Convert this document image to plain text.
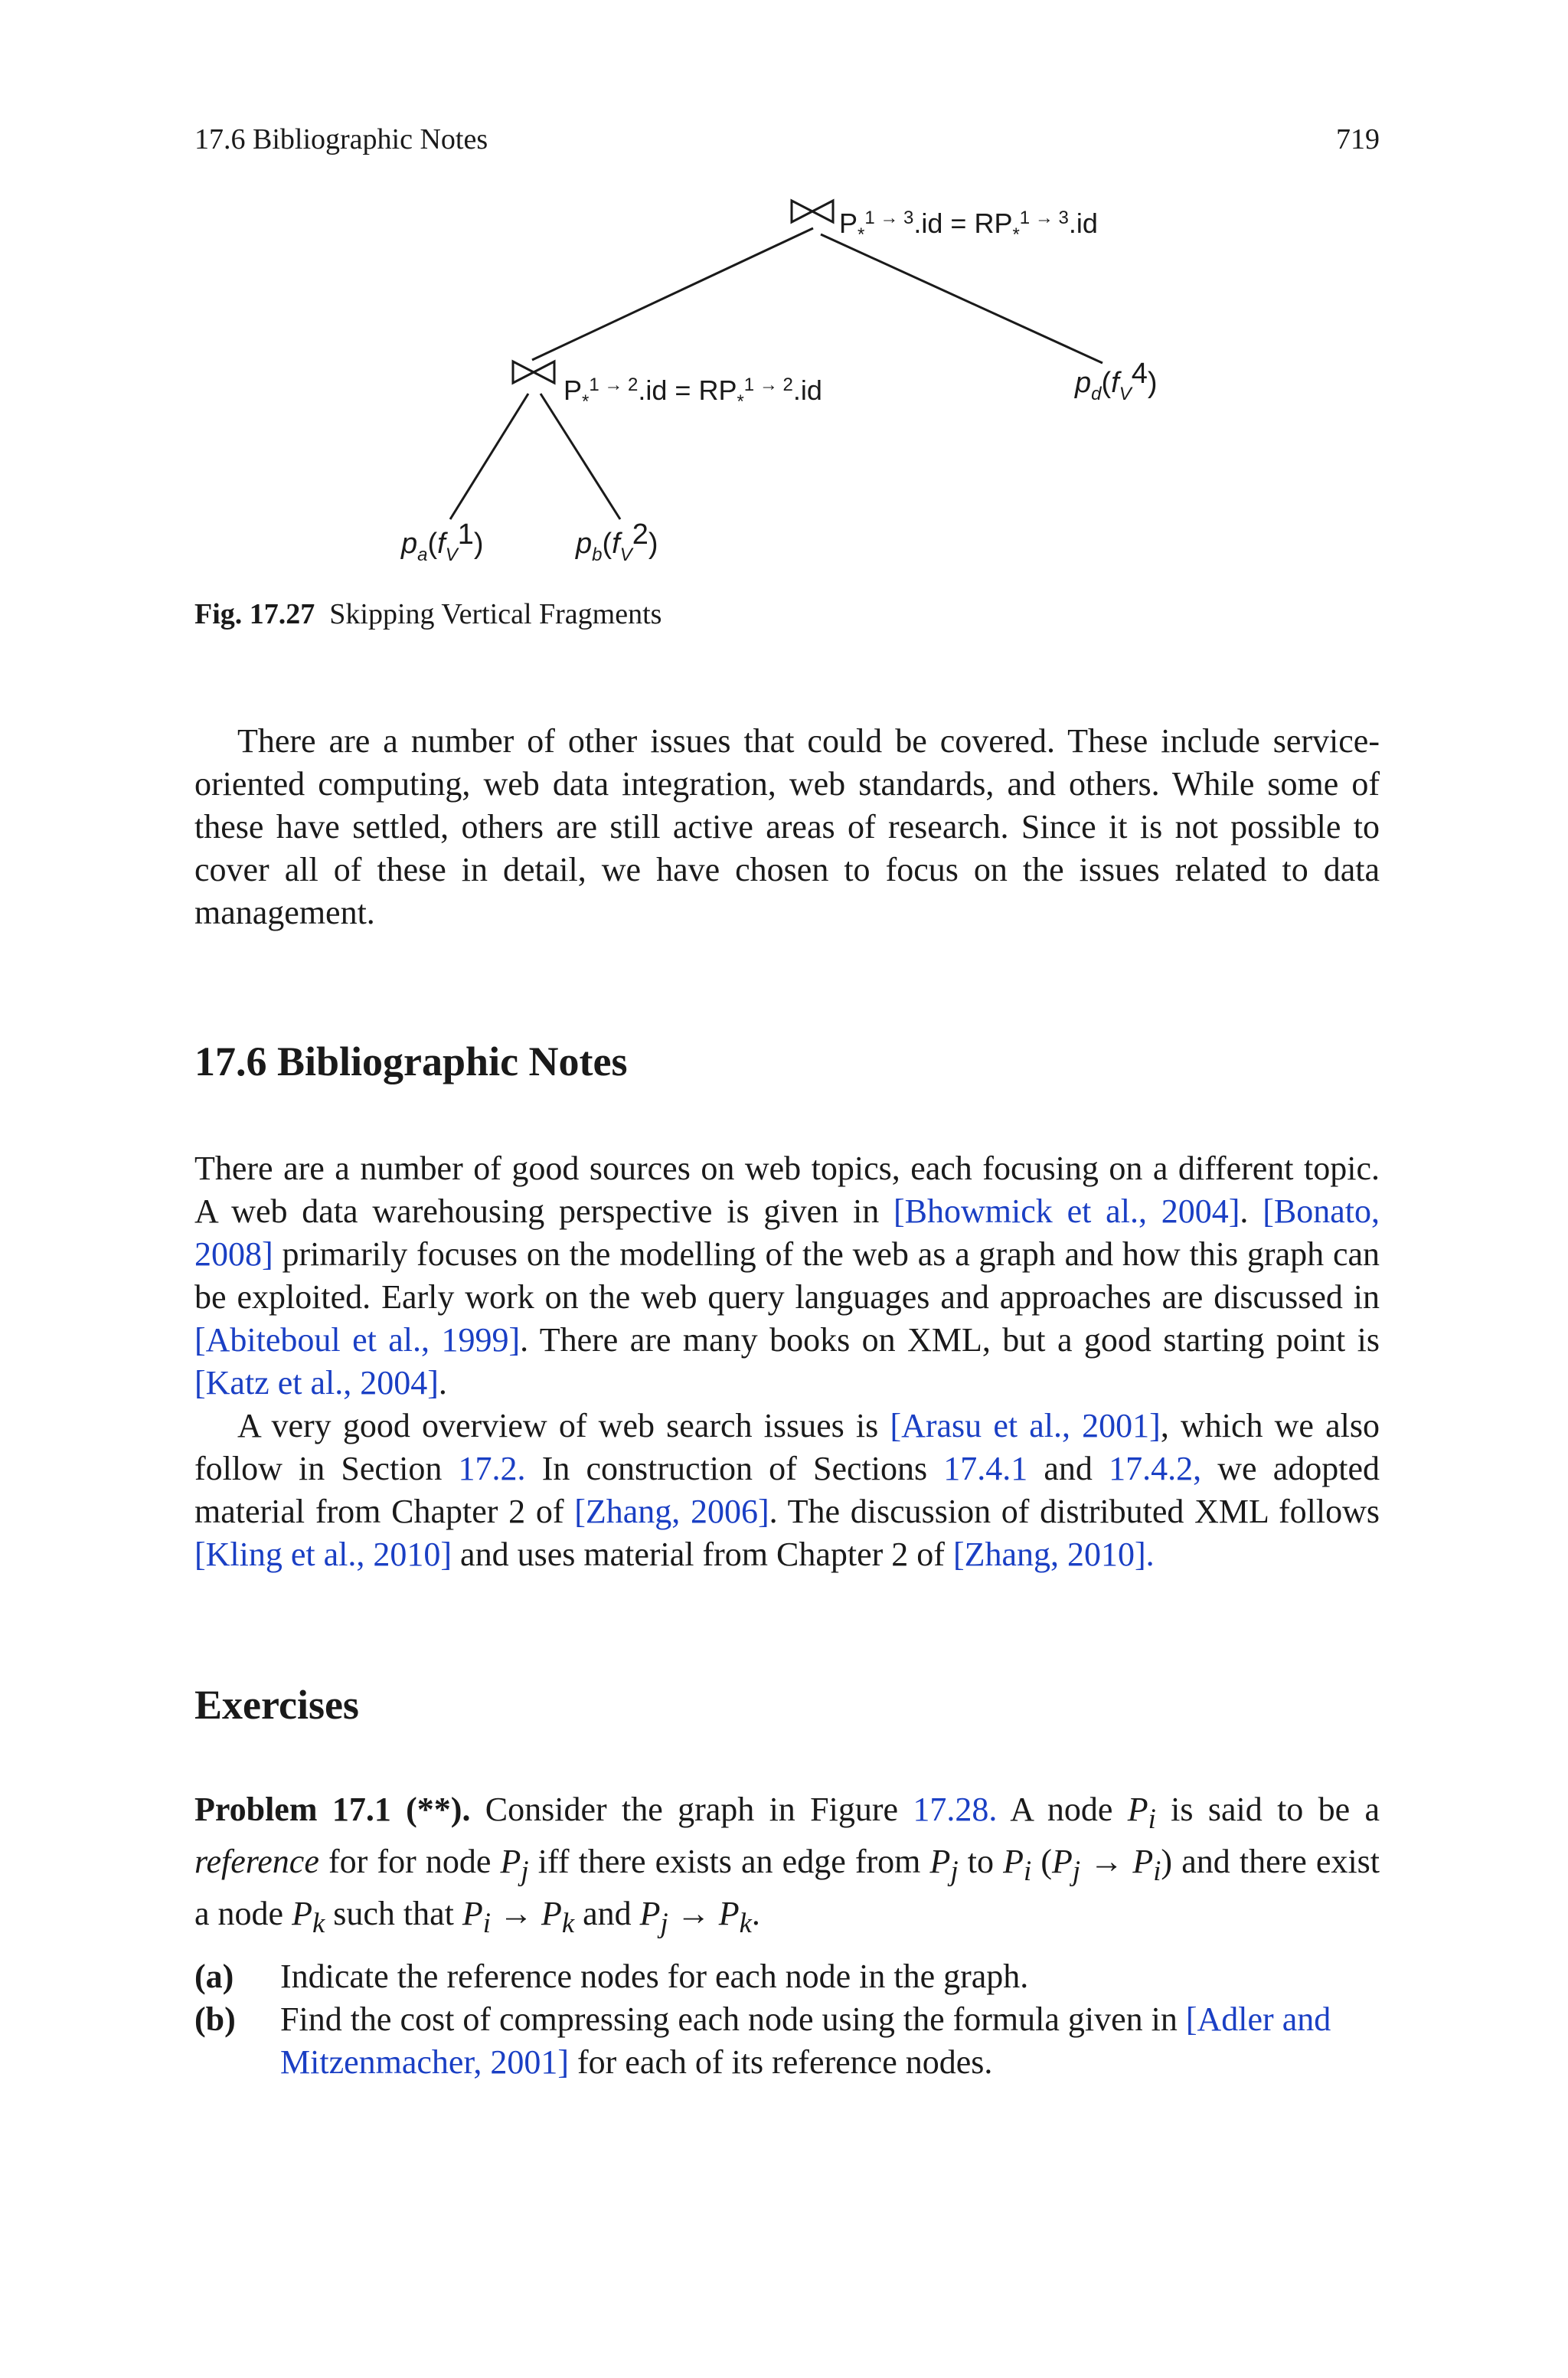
17.6 Bibliographic Notes	719
$P_*^{1 \to 3}.id = RP_*^{1 \to 3}.id$
$P_*^{1 \to 2}.id = RP_*^{1 \to 2}.id$	$p_d(f_V4)$
$p_a(f_V1)$	$p_b(f_V2)$
Fig. 17.27 Skipping Vertical Fragments

There are a number of other issues that could be covered. These include service-oriented computing, web data integration, web standards, and others. While some of these have settled, others are still active areas of research. Since it is not possible to cover all of these in detail, we have chosen to focus on the issues related to data management.

17.6 Bibliographic Notes

There are a number of good sources on web topics, each focusing on a different topic. A web data warehousing perspective is given in [Bhowmick et al., 2004]. [Bonato, 2008] primarily focuses on the modelling of the web as a graph and how this graph can be exploited. Early work on the web query languages and approaches are discussed in [Abiteboul et al., 1999]. There are many books on XML, but a good starting point is [Katz et al., 2004].

A very good overview of web search issues is [Arasu et al., 2001], which we also follow in Section 17.2. In construction of Sections 17.4.1 and 17.4.2, we adopted material from Chapter 2 of [Zhang, 2006]. The discussion of distributed XML follows [Kling et al., 2010] and uses material from Chapter 2 of [Zhang, 2010].

Exercises

Problem 17.1 (**). Consider the graph in Figure 17.28. A node $P_i$ is said to be a reference for for node $P_j$ iff there exists an edge from $P_j$ to $P_i$ $(P_j \to P_i)$ and there exist a node $P_k$ such that $P_i \to P_k$ and $P_j \to P_k$.

(a)	Indicate the reference nodes for each node in the graph.
(b)	Find the cost of compressing each node using the formula given in [Adler and Mitzenmacher, 2001] for each of its reference nodes.
